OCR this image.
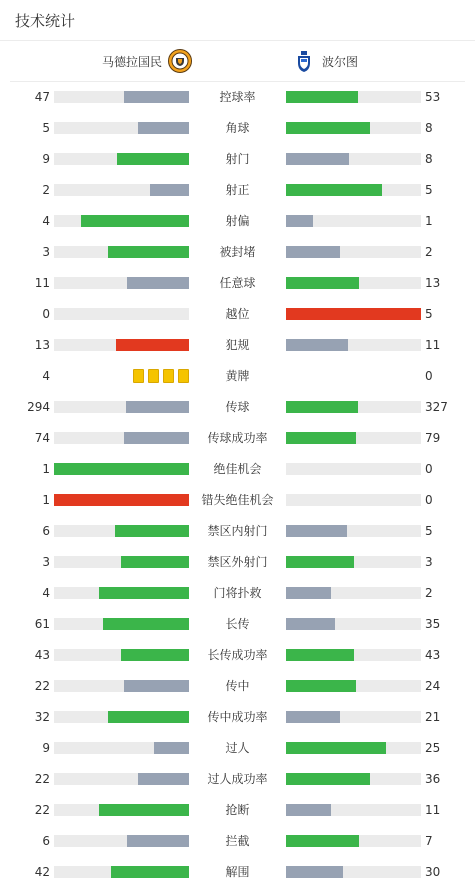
技术统计
马德拉国民	波尔图
47	控球率	53
5	角球	8
9	射门	8
2	射正	5
4	射偏	1
3	被封堵	2
11	任意球	13
0	越位	5
13	犯规	11
4	黄牌	0
294	传球	327
74	传球成功率	79
1	绝佳机会	0
1	错失绝佳机会	0
6	禁区内射门	5
3	禁区外射门	3
4	门将扑救	2
61	长传	35
43	长传成功率	43
22	传中	24
32	传中成功率	21
9	过人	25
22	过人成功率	36
22	抢断	11
6	拦截	7
42	解围	30
